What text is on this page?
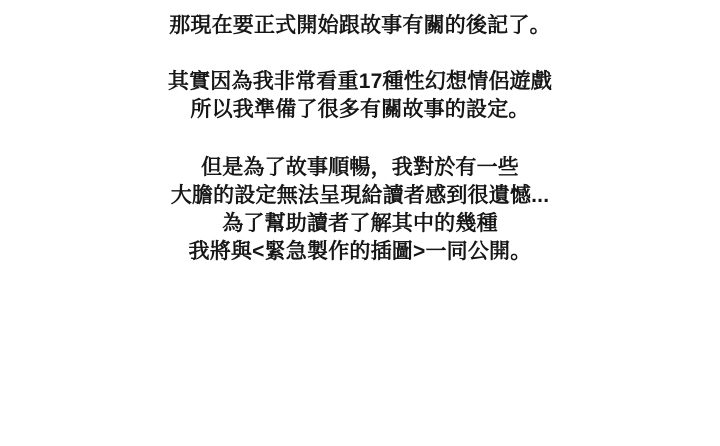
那現在要正式開始跟故事有關的後記了。
其實因為我非常看重17種性幻想情侶遊戲
所以我準備了很多有關故事的設定。
但是為了故事順暢，我對於有一些
大膽的設定無法呈現給讀者感到很遺憾...
為了幫助讀者了解其中的幾種
我將與<緊急製作的插圖>一同公開。
